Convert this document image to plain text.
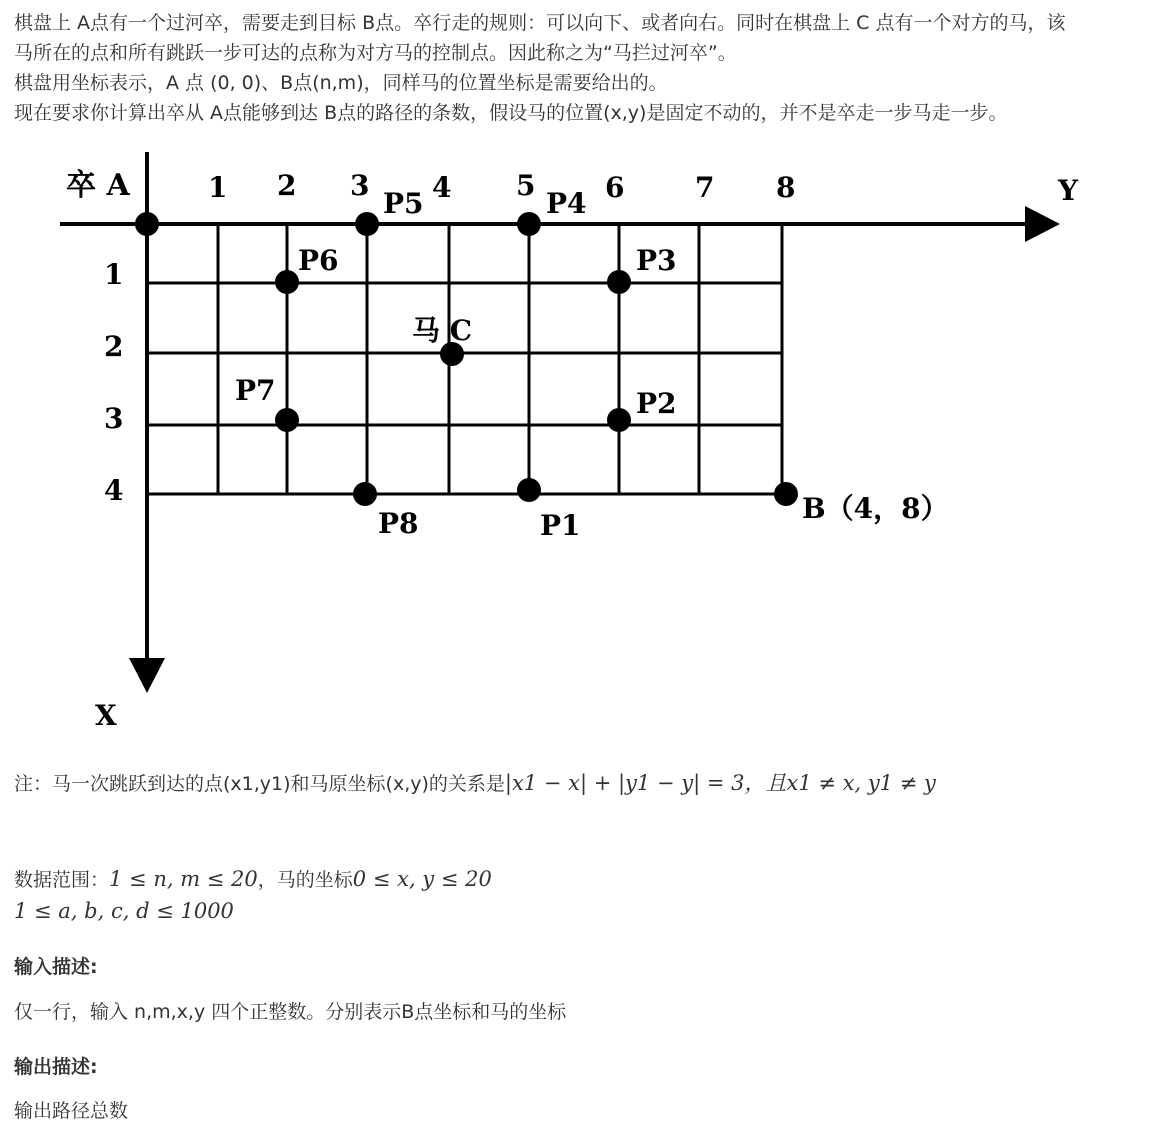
棋盘上 A点有一个过河卒，需要走到目标 B点。卒行走的规则：可以向下、或者向右。同时在棋盘上 C 点有一个对方的马，该
马所在的点和所有跳跃一步可达的点称为对方马的控制点。因此称之为“马拦过河卒”。
棋盘用坐标表示，A 点 (0, 0)、B点(n,m)，同样马的位置坐标是需要给出的。
现在要求你计算出卒从 A点能够到达 B点的路径的条数，假设马的位置(x,y)是固定不动的，并不是卒走一步马走一步。
卒 A	Y
X
1 2 3 4 5 6	7 8
1
2
3
4
P5	P4
P6	P3
马 C
P7	P2
P8	P1
B（4，8）
注：马一次跳跃到达的点(x1,y1)和马原坐标(x,y)的关系是|x1 − x| + |y1 − y| = 3，且x1 ≠ x, y1 ≠ y
数据范围：1 ≤ n, m ≤ 20，马的坐标0 ≤ x, y ≤ 20
1 ≤ a, b, c, d ≤ 1000
输入描述:
仅一行，输入 n,m,x,y 四个正整数。分别表示B点坐标和马的坐标
输出描述:
输出路径总数
